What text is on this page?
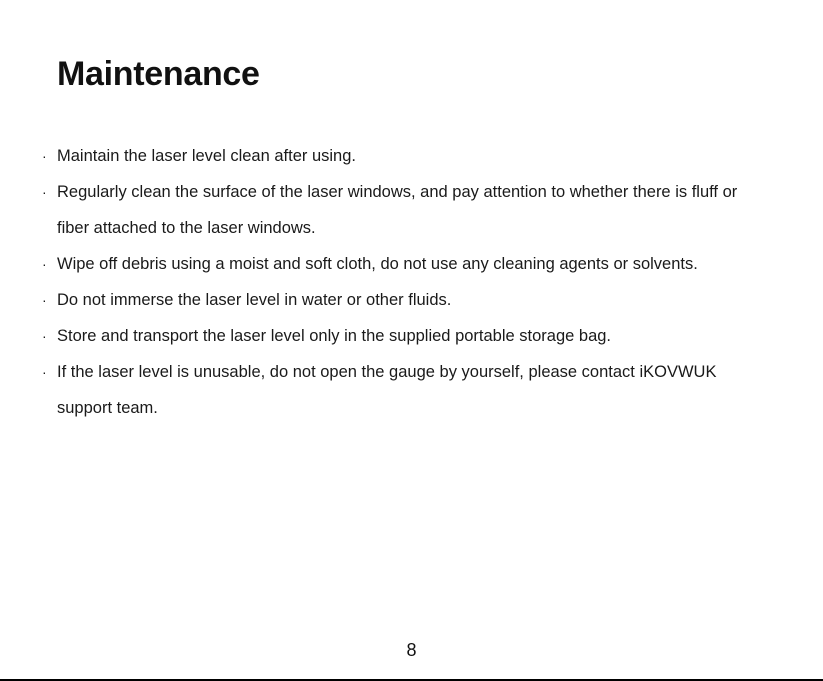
Maintenance
· Maintain the laser level clean after using.
· Regularly clean the surface of the laser windows, and pay attention to whether there is fluff or fiber attached to the laser windows.
· Wipe off debris using a moist and soft cloth, do not use any cleaning agents or solvents.
· Do not immerse the laser level in water or other fluids.
· Store and transport the laser level only in the supplied portable storage bag.
· If the laser level is unusable, do not open the gauge by yourself, please contact iKOVWUK support team.
8
